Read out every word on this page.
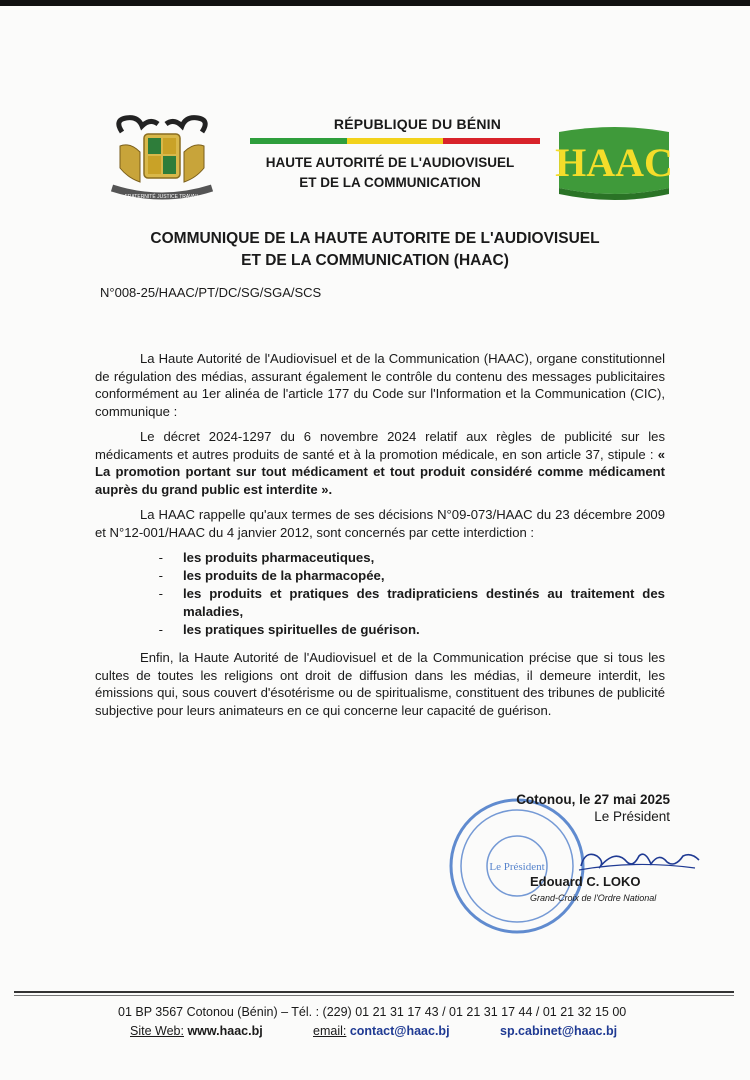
FRATERNITÉ JUSTICE TRAVAIL
RÉPUBLIQUE DU BÉNIN
HAUTE AUTORITÉ DE L'AUDIOVISUEL
ET DE LA COMMUNICATION	HAAC
COMMUNIQUE DE LA HAUTE AUTORITE DE L'AUDIOVISUEL
ET DE LA COMMUNICATION (HAAC)
N°008-25/HAAC/PT/DC/SG/SGA/SCS

La Haute Autorité de l'Audiovisuel et de la Communication (HAAC), organe constitutionnel de régulation des médias, assurant également le contrôle du contenu des messages publicitaires conformément au 1er alinéa de l'article 177 du Code sur l'Information et la Communication (CIC), communique :

Le décret 2024-1297 du 6 novembre 2024 relatif aux règles de publicité sur les médicaments et autres produits de santé et à la promotion médicale, en son article 37, stipule : « La promotion portant sur tout médicament et tout produit considéré comme médicament auprès du grand public est interdite ».

La HAAC rappelle qu'aux termes de ses décisions N°09-073/HAAC du 23 décembre 2009 et N°12-001/HAAC du 4 janvier 2012, sont concernés par cette interdiction :

-	les produits pharmaceutiques,
-	les produits de la pharmacopée,
-	les produits et pratiques des tradipraticiens destinés au traitement des maladies,
-	les pratiques spirituelles de guérison.

Enfin, la Haute Autorité de l'Audiovisuel et de la Communication précise que si tous les cultes de toutes les religions ont droit de diffusion dans les médias, il demeure interdit, les émissions qui, sous couvert d'ésotérisme ou de spiritualisme, constituent des tribunes de publicité subjective pour leurs animateurs en ce qui concerne leur capacité de guérison.

Le Président
Cotonou, le 27 mai 2025
Le Président
Edouard C. LOKO
Grand-Croix de l'Ordre National
01 BP 3567 Cotonou (Bénin) – Tél. : (229) 01 21 31 17 43 / 01 21 31 17 44 / 01 21 32 15 00
Site Web: www.haac.bj	email: contact@haac.bj	sp.cabinet@haac.bj
